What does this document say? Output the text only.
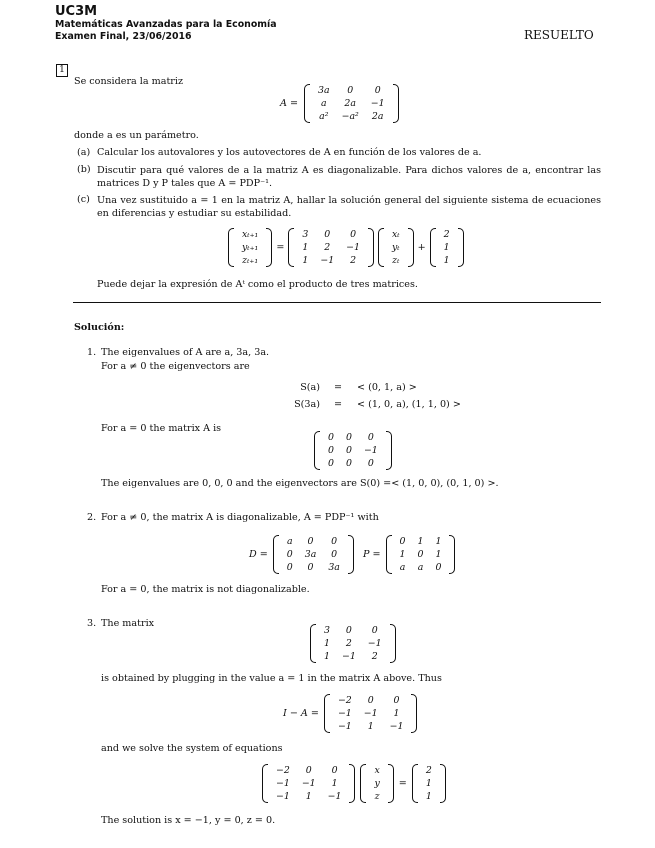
UC3M
Matemáticas Avanzadas para la Economía
Examen Final, 23/06/2016	RESUELTO
1
Se considera la matriz
A =
3a	0	0
a	2a	−1
a²	−a²	2a
donde a es un parámetro.
(a) Calcular los autovalores y los autovectores de A en función de los valores de a.
(b) Discutir para qué valores de a la matriz A es diagonalizable. Para dichos valores de a, encontrar las matrices D y P tales que A = PDP⁻¹.
(c) Una vez sustituido a = 1 en la matriz A, hallar la solución general del siguiente sistema de ecuaciones en diferencias y estudiar su estabilidad.
xₜ₊₁
yₜ₊₁
zₜ₊₁
=
3	0	0
1	2	−1
1	−1	2
xₜ
yₜ
zₜ
+
2
1
1
Puede dejar la expresión de Aᵗ como el producto de tres matrices.
Solución:
1. The eigenvalues of A are a, 3a, 3a.
For a ≠ 0 the eigenvectors are
S(a) = < (0, 1, a) >
S(3a) = < (1, 0, a), (1, 1, 0) >
For a = 0 the matrix A is
0	0	0
0	0	−1
0	0	0
The eigenvalues are 0, 0, 0 and the eigenvectors are S(0) =< (1, 0, 0), (0, 1, 0) >.
2. For a ≠ 0, the matrix A is diagonalizable, A = PDP⁻¹ with
D =
a	0	0
0	3a	0
0	0	3a
P =
0	1	1
1	0	1
a	a	0
For a = 0, the matrix is not diagonalizable.
3. The matrix
3	0	0
1	2	−1
1	−1	2
is obtained by plugging in the value a = 1 in the matrix A above. Thus
I − A =
−2	0	0
−1	−1	1
−1	1	−1
and we solve the system of equations
−2	0	0
−1	−1	1
−1	1	−1
x
y
z
=
2
1
1
The solution is x = −1, y = 0, z = 0.
